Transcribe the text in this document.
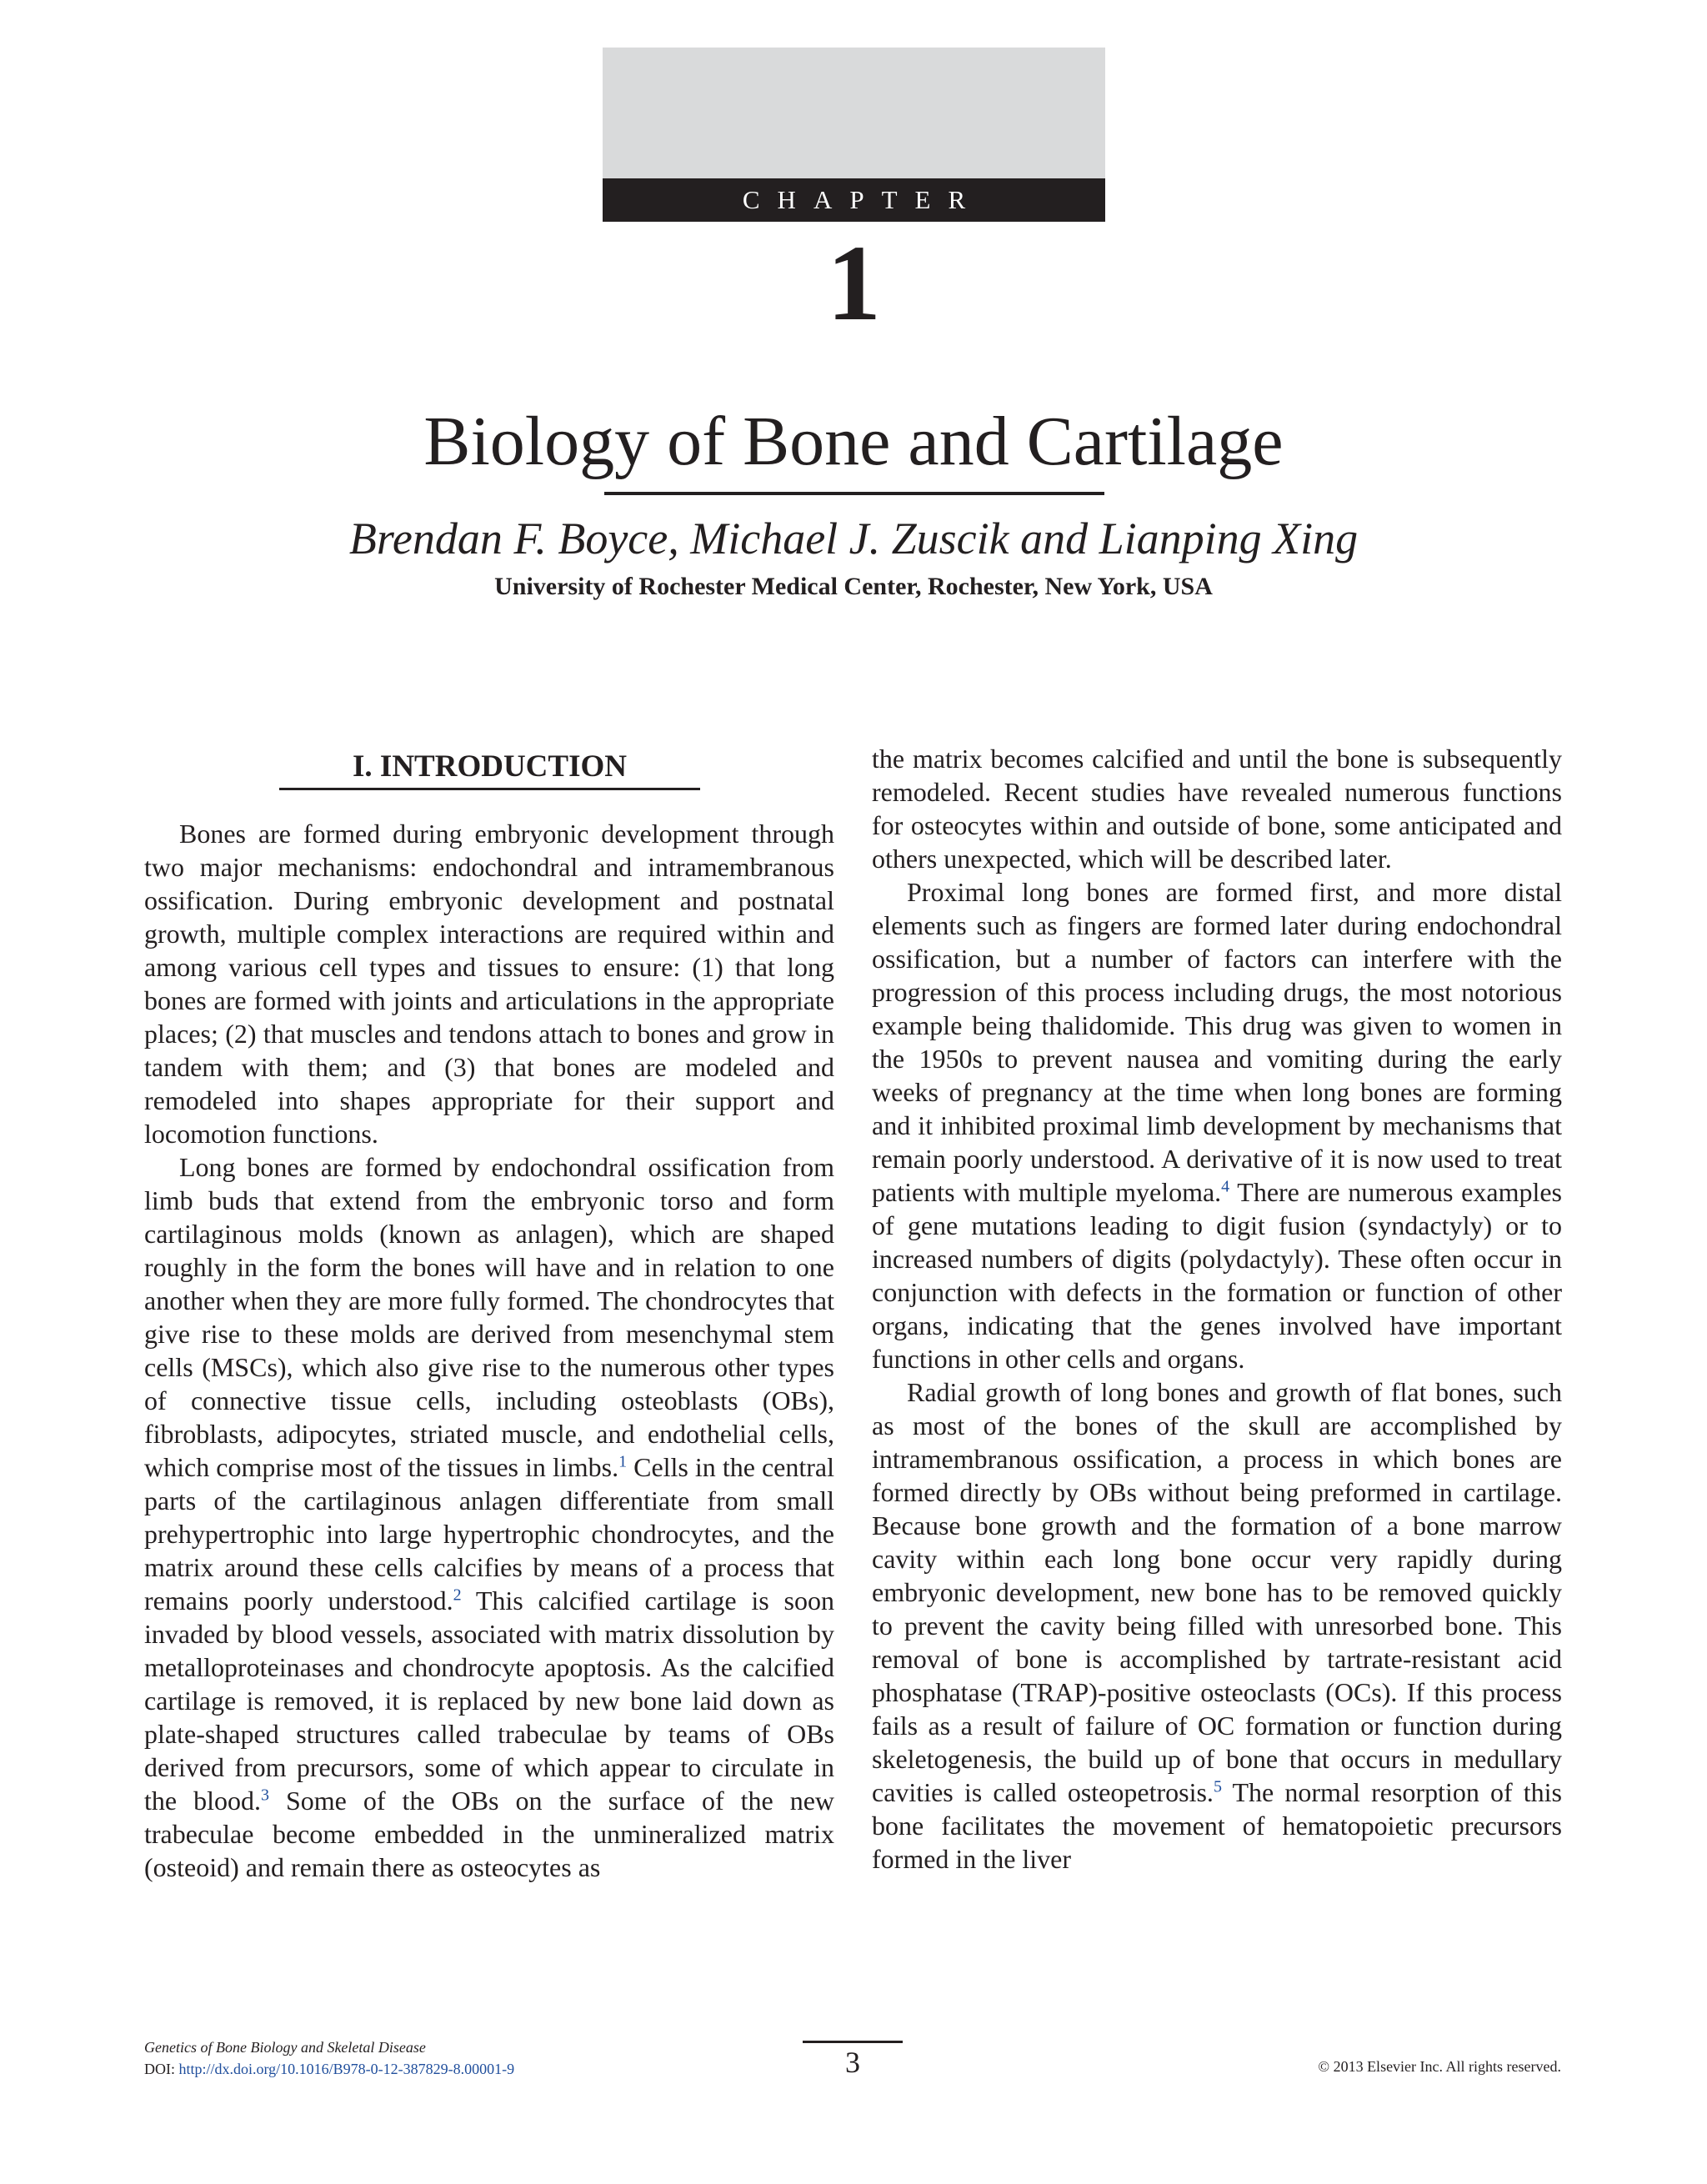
CHAPTER
1
Biology of Bone and Cartilage
Brendan F. Boyce, Michael J. Zuscik and Lianping Xing
University of Rochester Medical Center, Rochester, New York, USA
I. INTRODUCTION

Bones are formed during embryonic development through two major mechanisms: endochondral and intramembranous ossification. During embryonic development and postnatal growth, multiple complex interactions are required within and among various cell types and tissues to ensure: (1) that long bones are formed with joints and articulations in the appropriate places; (2) that muscles and tendons attach to bones and grow in tandem with them; and (3) that bones are modeled and remodeled into shapes appropriate for their support and locomotion functions.

Long bones are formed by endochondral ossification from limb buds that extend from the embryonic torso and form cartilaginous molds (known as anlagen), which are shaped roughly in the form the bones will have and in relation to one another when they are more fully formed. The chondrocytes that give rise to these molds are derived from mesenchymal stem cells (MSCs), which also give rise to the numerous other types of connective tissue cells, including osteoblasts (OBs), fibroblasts, adipocytes, striated muscle, and endothelial cells, which comprise most of the tissues in limbs.$^1$ Cells in the central parts of the cartilaginous anlagen differentiate from small prehypertrophic into large hypertrophic chondrocytes, and the matrix around these cells calcifies by means of a process that remains poorly understood.$^2$ This calcified cartilage is soon invaded by blood vessels, associated with matrix dissolution by metalloproteinases and chondrocyte apoptosis. As the calcified cartilage is removed, it is replaced by new bone laid down as plate-shaped structures called trabeculae by teams of OBs derived from precursors, some of which appear to circulate in the blood.$^3$ Some of the OBs on the surface of the new trabeculae become embedded in the unmineralized matrix (osteoid) and remain there as osteocytes as

the matrix becomes calcified and until the bone is subsequently remodeled. Recent studies have revealed numerous functions for osteocytes within and outside of bone, some anticipated and others unexpected, which will be described later.

Proximal long bones are formed first, and more distal elements such as fingers are formed later during endochondral ossification, but a number of factors can interfere with the progression of this process including drugs, the most notorious example being thalidomide. This drug was given to women in the 1950s to prevent nausea and vomiting during the early weeks of pregnancy at the time when long bones are forming and it inhibited proximal limb development by mechanisms that remain poorly understood. A derivative of it is now used to treat patients with multiple myeloma.$^4$ There are numerous examples of gene mutations leading to digit fusion (syndactyly) or to increased numbers of digits (polydactyly). These often occur in conjunction with defects in the formation or function of other organs, indicating that the genes involved have important functions in other cells and organs.

Radial growth of long bones and growth of flat bones, such as most of the bones of the skull are accomplished by intramembranous ossification, a process in which bones are formed directly by OBs without being preformed in cartilage. Because bone growth and the formation of a bone marrow cavity within each long bone occur very rapidly during embryonic development, new bone has to be removed quickly to prevent the cavity being filled with unresorbed bone. This removal of bone is accomplished by tartrate-resistant acid phosphatase (TRAP)-positive osteoclasts (OCs). If this process fails as a result of failure of OC formation or function during skeletogenesis, the build up of bone that occurs in medullary cavities is called osteopetrosis.$^5$ The normal resorption of this bone facilitates the movement of hematopoietic precursors formed in the liver

Genetics of Bone Biology and Skeletal Disease
DOI: http://dx.doi.org/10.1016/B978-0-12-387829-8.00001-9	3	© 2013 Elsevier Inc. All rights reserved.
